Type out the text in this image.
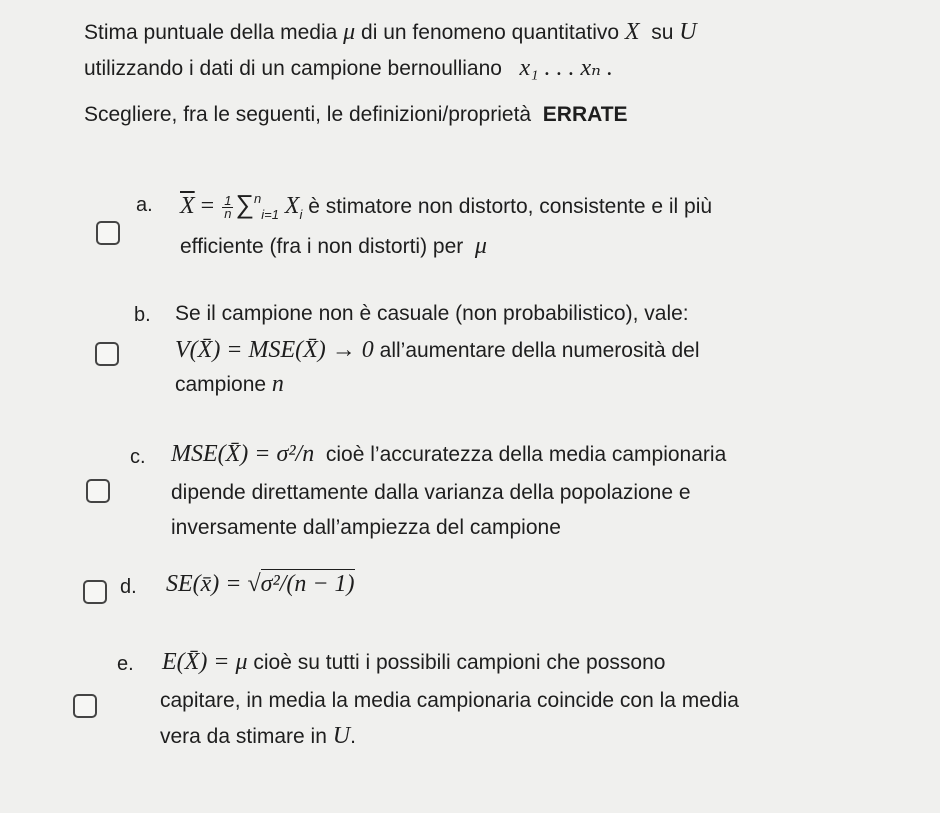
Stima puntuale della media μ di un fenomeno quantitativo X su U
utilizzando i dati di un campione bernoulliano x₁ . . . xₙ .
Scegliere, fra le seguenti, le definizioni/proprietà ERRATE
a. $\overline{X} = \frac{1}{n} \sum^n_{i=1}$ $X_i$ è stimatore non distorto, consistente e il più
efficiente (fra i non distorti) per μ
b. Se il campione non è casuale (non probabilistico), vale:
V(X̄) = MSE(X̄) → 0 all’aumentare della numerosità del
campione n
c. MSE(X̄) = σ²/n cioè l’accuratezza della media campionaria
dipende direttamente dalla varianza della popolazione e
inversamente dall’ampiezza del campione
d. SE(x̄) = √σ²/(n − 1)
e. E(X̄) = μ cioè su tutti i possibili campioni che possono
capitare, in media la media campionaria coincide con la media
vera da stimare in U.
